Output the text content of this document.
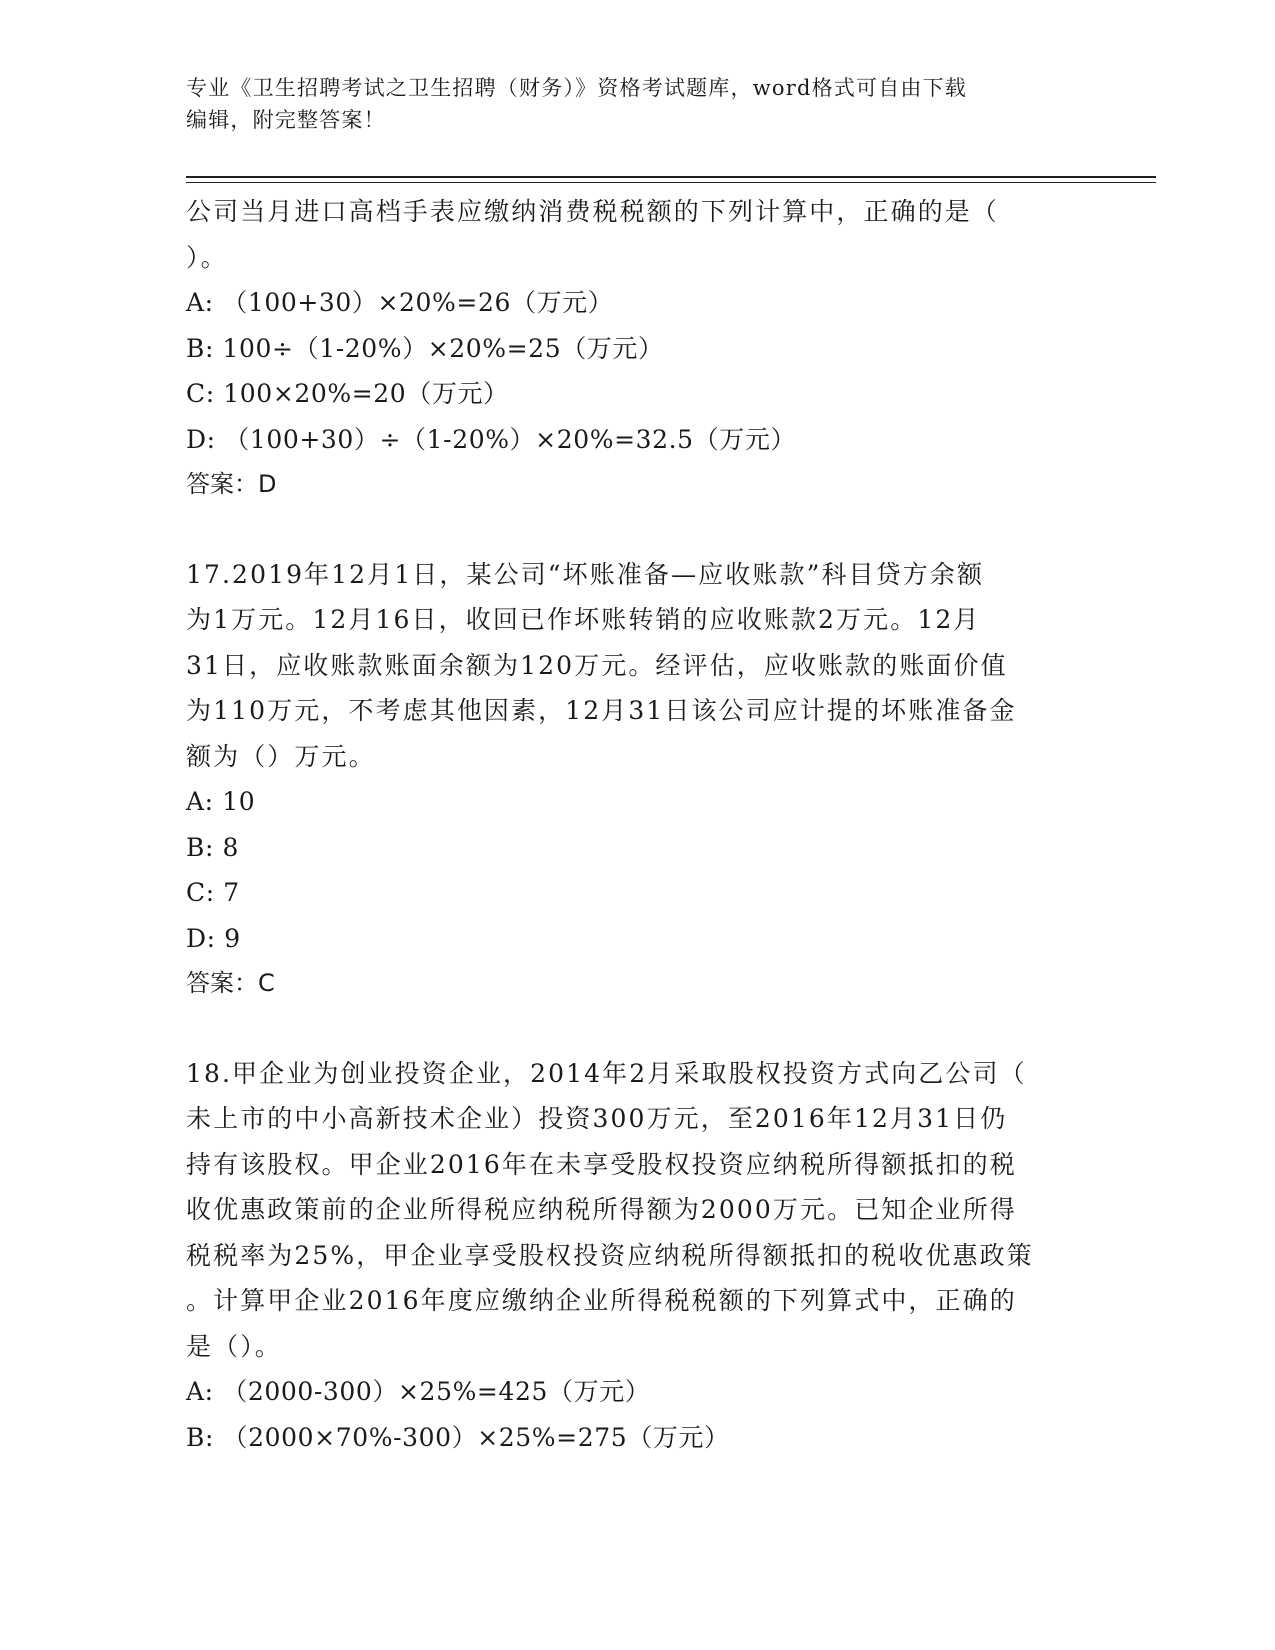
专业《卫生招聘考试之卫生招聘（财务）》资格考试题库，word格式可自由下载
编辑，附完整答案！

公司当月进口高档手表应缴纳消费税税额的下列计算中，正确的是（

）。

A: （100+30）×20%=26（万元）

B: 100÷（1-20%）×20%=25（万元）

C: 100×20%=20（万元）

D: （100+30）÷（1-20%）×20%=32.5（万元）

答案：D

17.2019年12月1日，某公司“坏账准备—应收账款”科目贷方余额

为1万元。12月16日，收回已作坏账转销的应收账款2万元。12月

31日，应收账款账面余额为120万元。经评估，应收账款的账面价值

为110万元，不考虑其他因素，12月31日该公司应计提的坏账准备金

额为（）万元。

A: 10

B: 8

C: 7

D: 9

答案：C

18.甲企业为创业投资企业，2014年2月采取股权投资方式向乙公司（

未上市的中小高新技术企业）投资300万元，至2016年12月31日仍

持有该股权。甲企业2016年在未享受股权投资应纳税所得额抵扣的税

收优惠政策前的企业所得税应纳税所得额为2000万元。已知企业所得

税税率为25%，甲企业享受股权投资应纳税所得额抵扣的税收优惠政策

。计算甲企业2016年度应缴纳企业所得税税额的下列算式中，正确的

是（）。

A: （2000-300）×25%=425（万元）

B: （2000×70%-300）×25%=275（万元）
